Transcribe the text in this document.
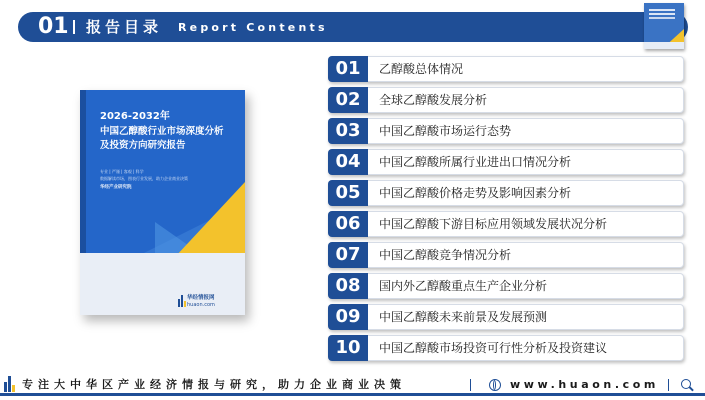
01 报告目录 Report Contents
2026-2032年
中国乙醇酸行业市场深度分析
及投资方向研究报告
专业 | 严谨 | 客观 | 科学
数据解读市场，图表行业发展，助力企业商业决策
华经产业研究院
华经情报网
huaon.com
01	乙醇酸总体情况
02	全球乙醇酸发展分析
03	中国乙醇酸市场运行态势
04	中国乙醇酸所属行业进出口情况分析
05	中国乙醇酸价格走势及影响因素分析
06	中国乙醇酸下游目标应用领域发展状况分析
07	中国乙醇酸竞争情况分析
08	国内外乙醇酸重点生产企业分析
09	中国乙醇酸未来前景及发展预测
10	中国乙醇酸市场投资可行性分析及投资建议
专注大中华区产业经济情报与研究，助力企业商业决策	www.huaon.com
